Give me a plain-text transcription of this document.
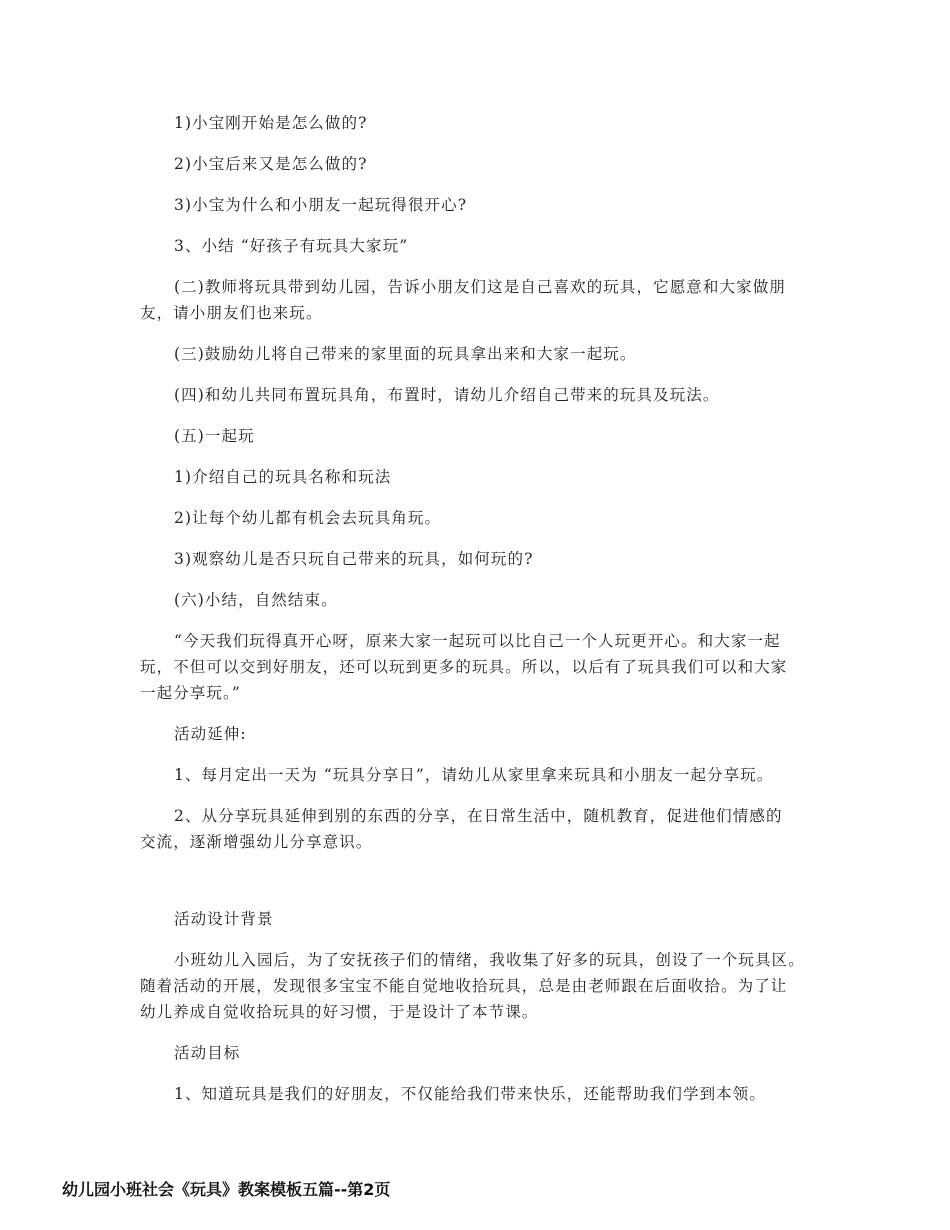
1)小宝刚开始是怎么做的?
2)小宝后来又是怎么做的?
3)小宝为什么和小朋友一起玩得很开心?
3、小结 “好孩子有玩具大家玩”
(二)教师将玩具带到幼儿园，告诉小朋友们这是自己喜欢的玩具，它愿意和大家做朋
友，请小朋友们也来玩。
(三)鼓励幼儿将自己带来的家里面的玩具拿出来和大家一起玩。
(四)和幼儿共同布置玩具角，布置时，请幼儿介绍自己带来的玩具及玩法。
(五)一起玩
1)介绍自己的玩具名称和玩法
2)让每个幼儿都有机会去玩具角玩。
3)观察幼儿是否只玩自己带来的玩具，如何玩的?
(六)小结，自然结束。
“今天我们玩得真开心呀，原来大家一起玩可以比自己一个人玩更开心。和大家一起
玩，不但可以交到好朋友，还可以玩到更多的玩具。所以，以后有了玩具我们可以和大家
一起分享玩。”
活动延伸:
1、每月定出一天为 “玩具分享日”，请幼儿从家里拿来玩具和小朋友一起分享玩。
2、从分享玩具延伸到别的东西的分享，在日常生活中，随机教育，促进他们情感的
交流，逐渐增强幼儿分享意识。
活动设计背景
小班幼儿入园后，为了安抚孩子们的情绪，我收集了好多的玩具，创设了一个玩具区。
随着活动的开展，发现很多宝宝不能自觉地收拾玩具，总是由老师跟在后面收拾。为了让
幼儿养成自觉收拾玩具的好习惯，于是设计了本节课。
活动目标
1、知道玩具是我们的好朋友，不仅能给我们带来快乐，还能帮助我们学到本领。
幼儿园小班社会《玩具》教案模板五篇--第2页
